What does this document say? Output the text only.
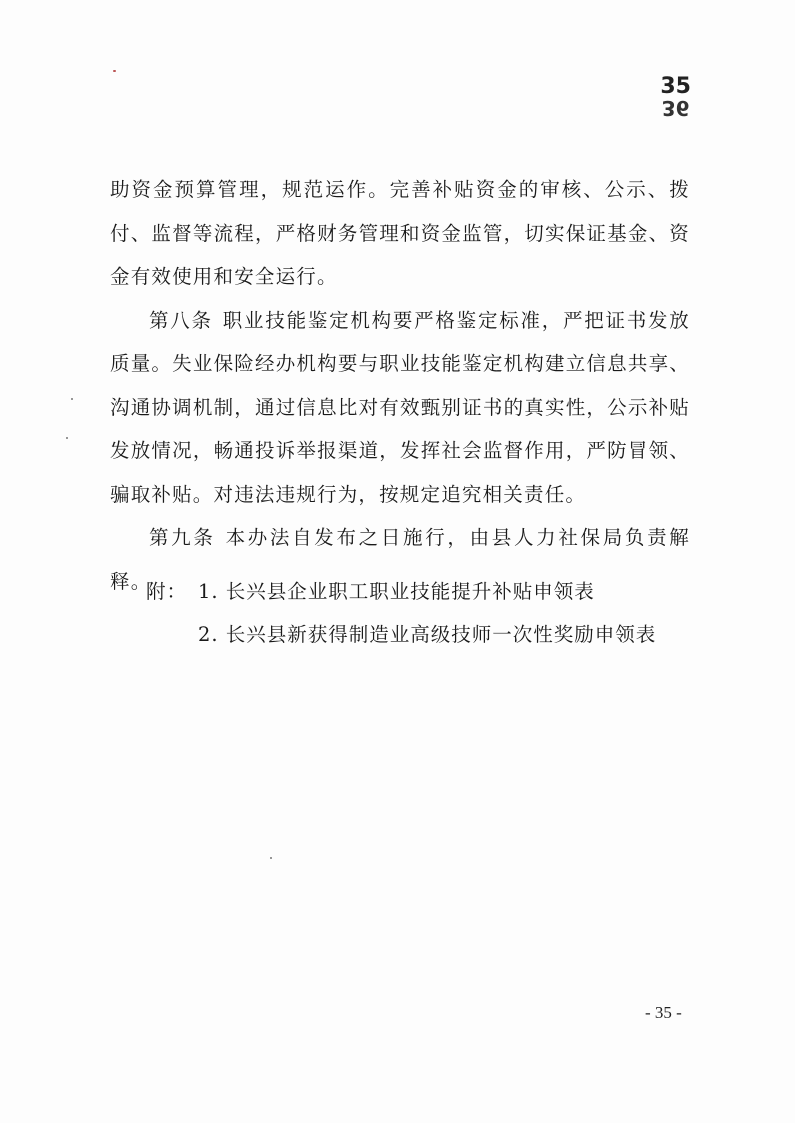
35
36

助资金预算管理，规范运作。完善补贴资金的审核、公示、拨付、监督等流程，严格财务管理和资金监管，切实保证基金、资金有效使用和安全运行。

第八条 职业技能鉴定机构要严格鉴定标准，严把证书发放质量。失业保险经办机构要与职业技能鉴定机构建立信息共享、沟通协调机制，通过信息比对有效甄别证书的真实性，公示补贴发放情况，畅通投诉举报渠道，发挥社会监督作用，严防冒领、骗取补贴。对违法违规行为，按规定追究相关责任。

第九条 本办法自发布之日施行，由县人力社保局负责解释。

附： 1. 长兴县企业职工职业技能提升补贴申领表
2. 长兴县新获得制造业高级技师一次性奖励申领表
- 35 -
